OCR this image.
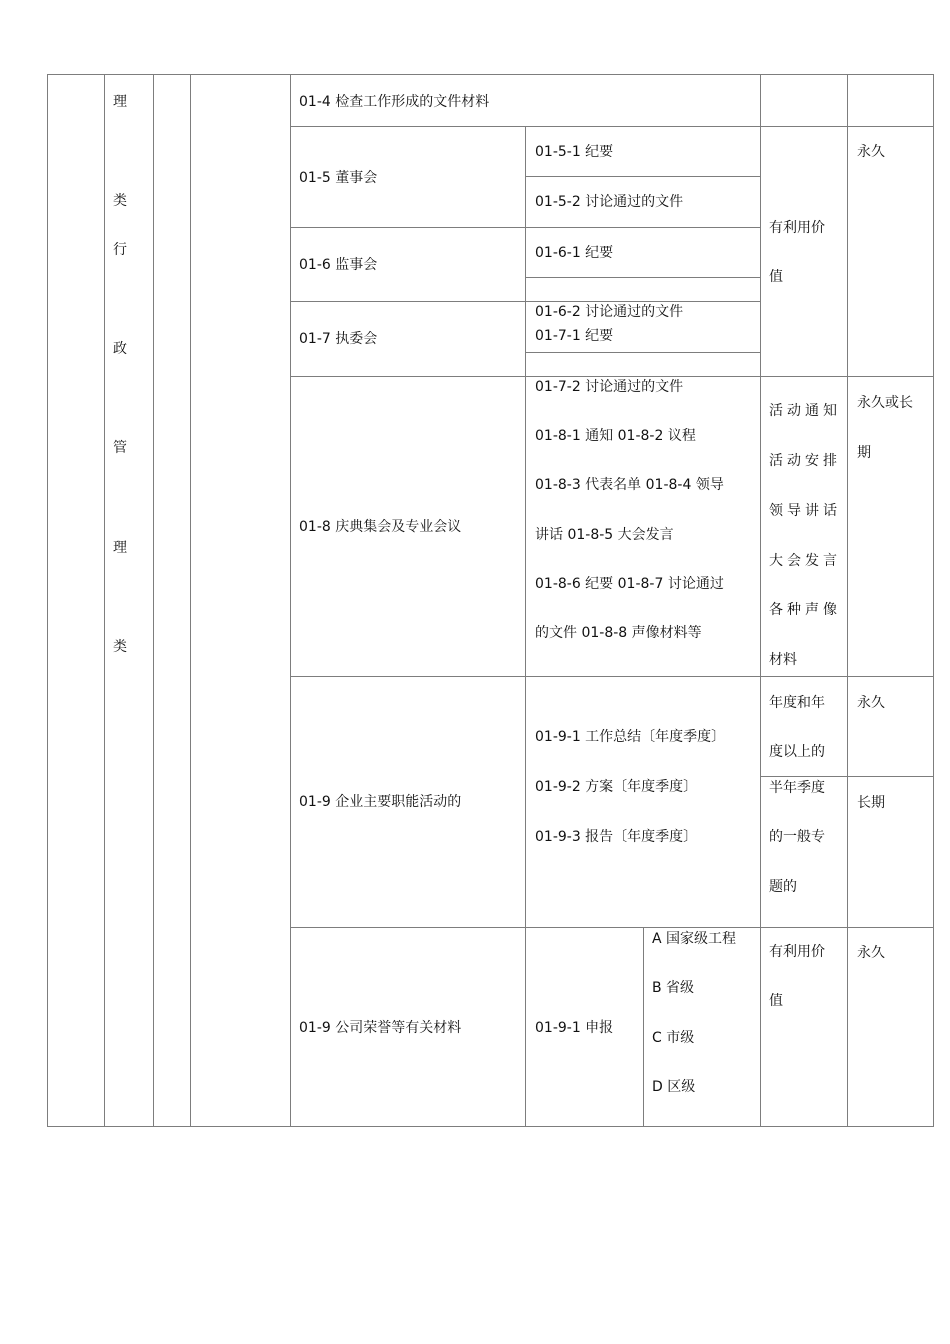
理
类
行
政
管
理
类
01-4 检查工作形成的文件材料
01-5 董事会
01-5-1 纪要
01-5-2 讨论通过的文件
01-6 监事会
01-6-1 纪要
01-7 执委会
01-6-2 讨论通过的文件
01-7-1 纪要
有利用价
值
永久
01-8 庆典集会及专业会议
01-7-2 讨论通过的文件
01-8-1 通知 01-8-2 议程
01-8-3 代表名单 01-8-4 领导
讲话 01-8-5 大会发言
01-8-6 纪要 01-8-7 讨论通过
的文件 01-8-8 声像材料等
活动通知
活动安排
领导讲话
大会发言
各种声像
材料
永久或长
期
01-9 企业主要职能活动的
01-9-1 工作总结〔年度季度〕
01-9-2 方案〔年度季度〕
01-9-3 报告〔年度季度〕
年度和年
度以上的
永久
半年季度
的一般专
题的
长期
01-9 公司荣誉等有关材料	01-9-1 申报
A 国家级工程
B 省级
C 市级
D 区级
有利用价
值
永久
